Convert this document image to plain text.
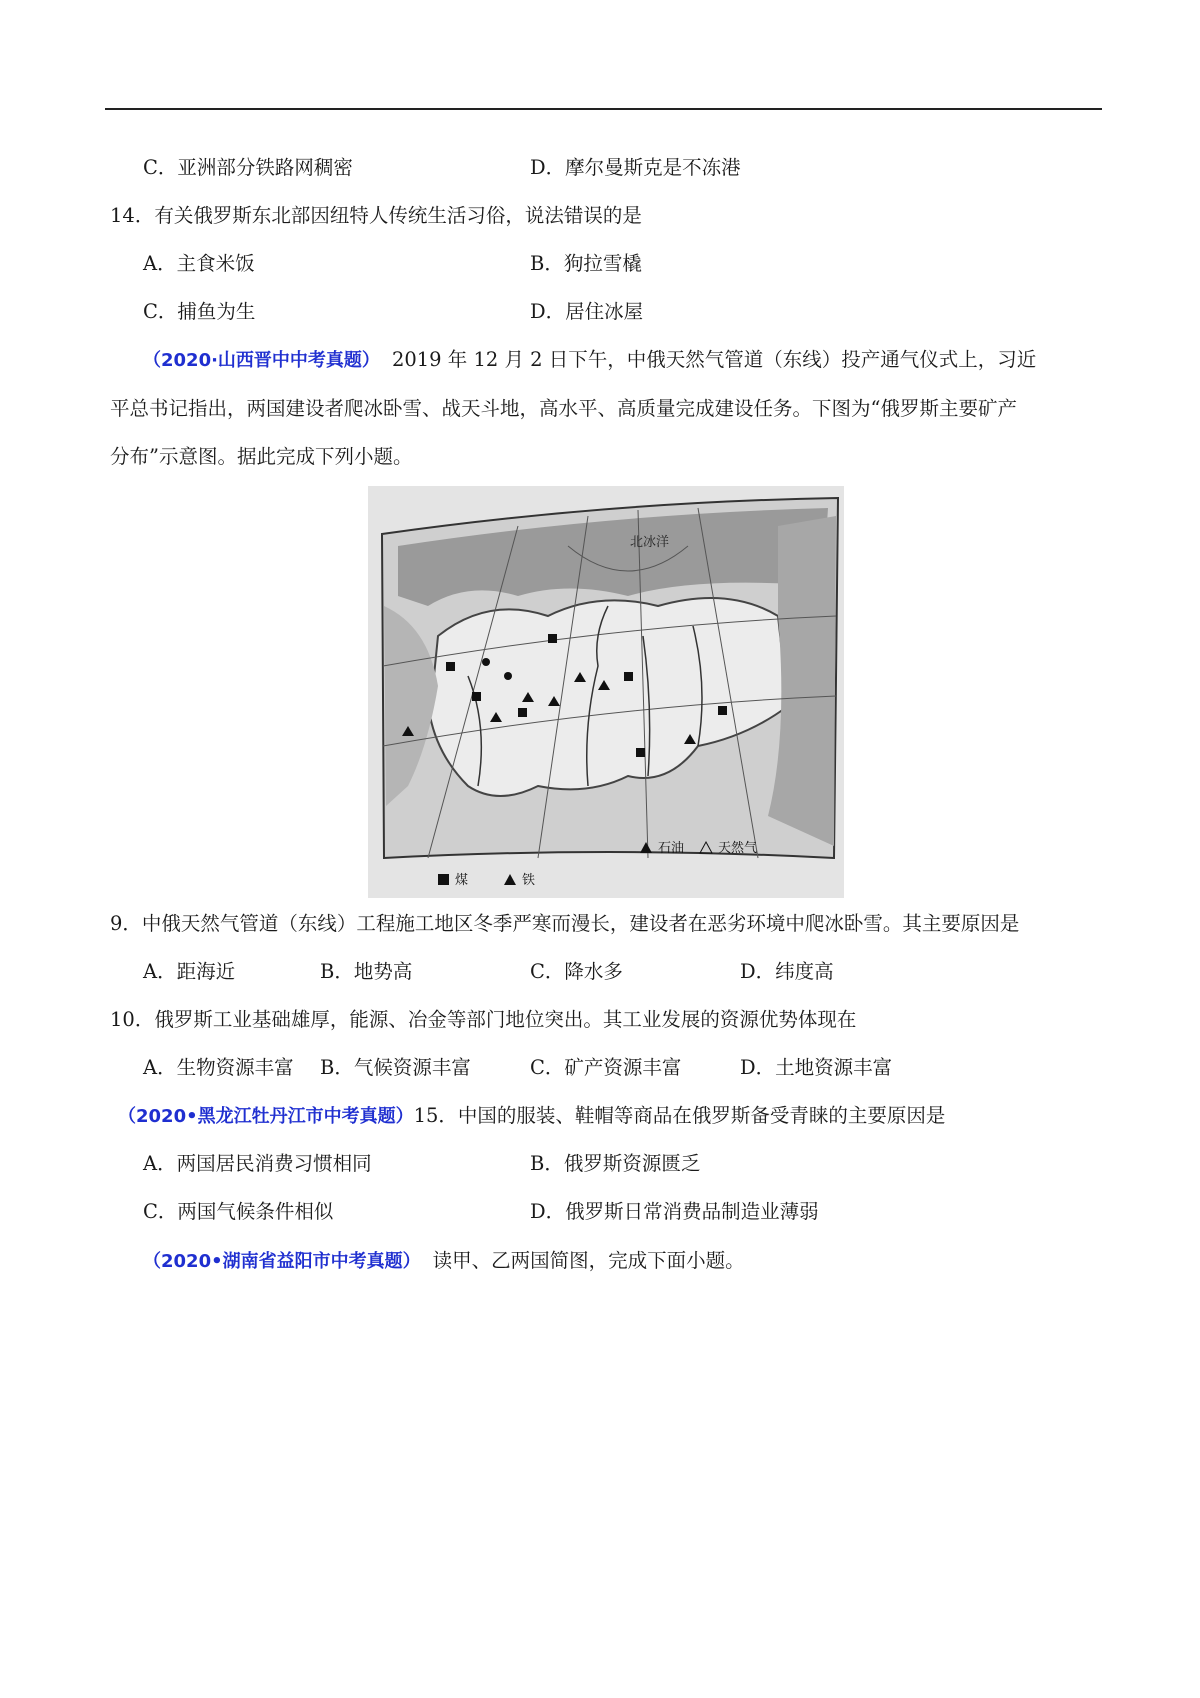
C．亚洲部分铁路网稠密	D．摩尔曼斯克是不冻港
14．有关俄罗斯东北部因纽特人传统生活习俗，说法错误的是
A．主食米饭	B．狗拉雪橇
C．捕鱼为生	D．居住冰屋
（2020·山西晋中中考真题） 2019 年 12 月 2 日下午，中俄天然气管道（东线）投产通气仪式上，习近
平总书记指出，两国建设者爬冰卧雪、战天斗地，高水平、高质量完成建设任务。下图为“俄罗斯主要矿产
分布”示意图。据此完成下列小题。
北冰洋
煤	铁
石油	天然气
9．中俄天然气管道（东线）工程施工地区冬季严寒而漫长，建设者在恶劣环境中爬冰卧雪。其主要原因是
A．距海近	B．地势高	C．降水多	D．纬度高
10．俄罗斯工业基础雄厚，能源、冶金等部门地位突出。其工业发展的资源优势体现在
A．生物资源丰富 B．气候资源丰富	C．矿产资源丰富	D．土地资源丰富
（2020•黑龙江牡丹江市中考真题）15．中国的服装、鞋帽等商品在俄罗斯备受青睐的主要原因是
A．两国居民消费习惯相同	B．俄罗斯资源匮乏
C．两国气候条件相似	D．俄罗斯日常消费品制造业薄弱
（2020•湖南省益阳市中考真题） 读甲、乙两国简图，完成下面小题。
